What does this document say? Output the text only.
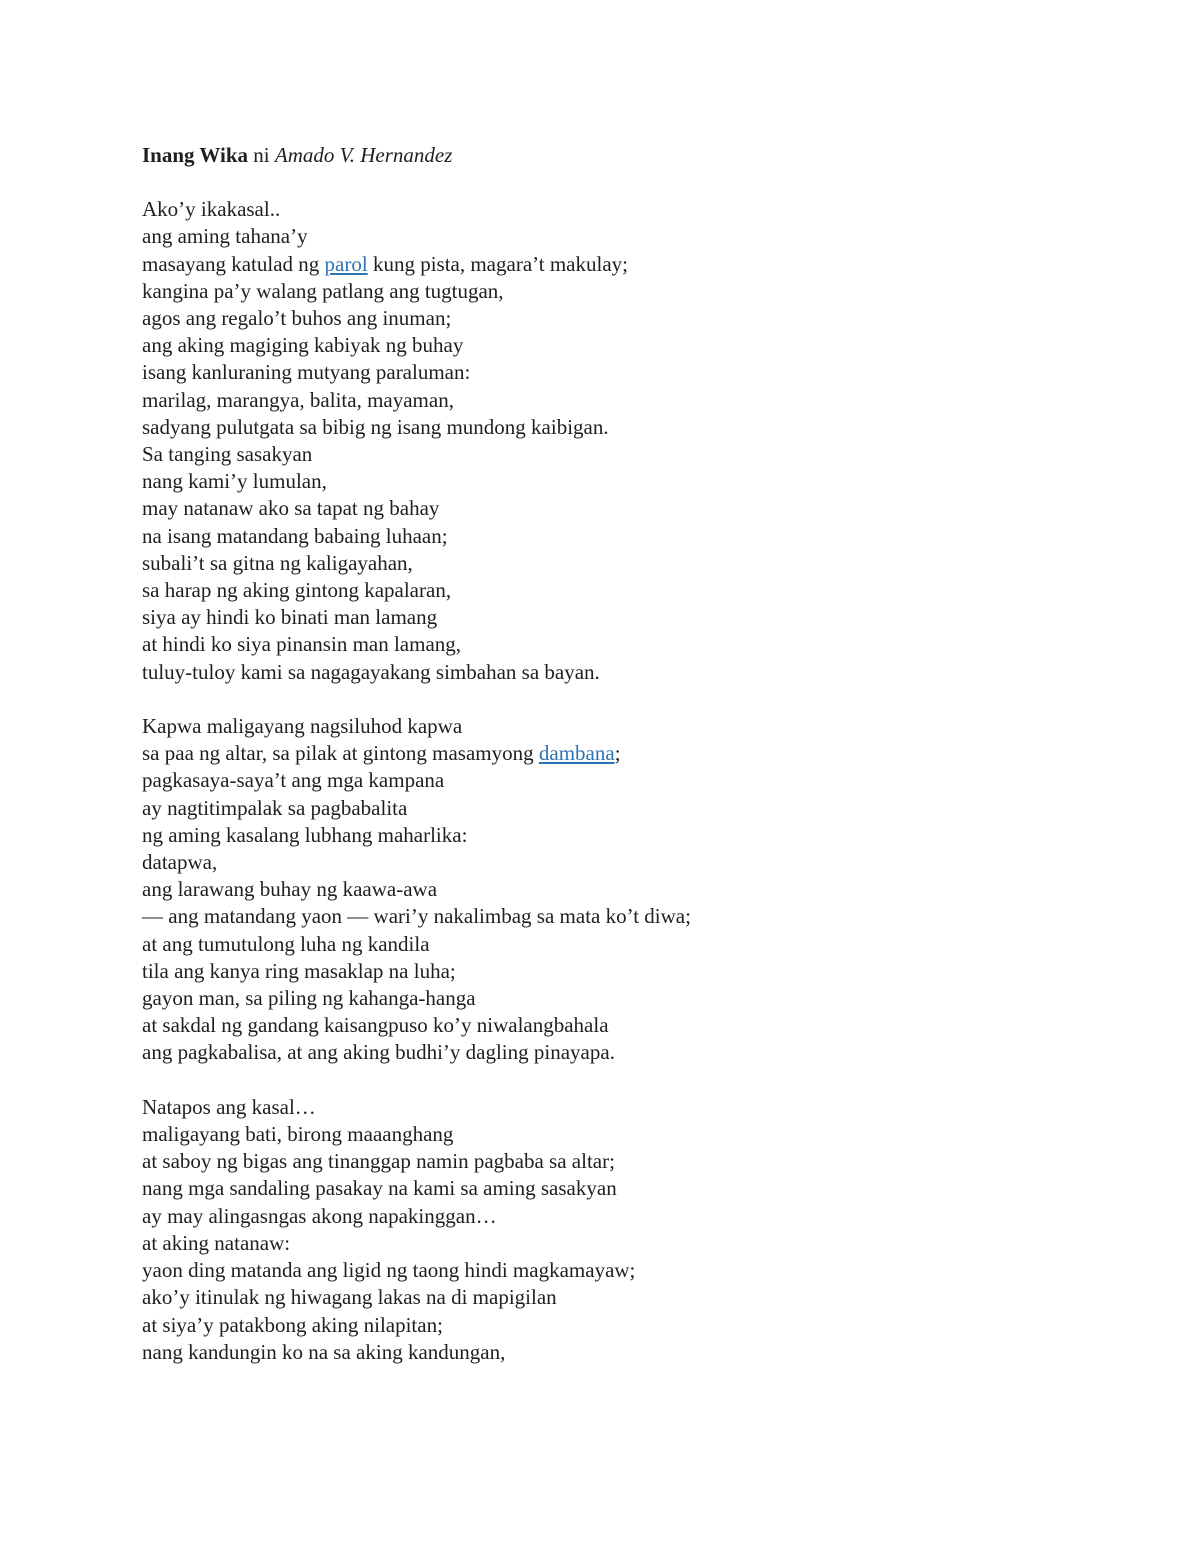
Inang Wika ni Amado V. Hernandez
Ako’y ikakasal..
ang aming tahana’y
masayang katulad ng parol kung pista, magara’t makulay;
kangina pa’y walang patlang ang tugtugan,
agos ang regalo’t buhos ang inuman;
ang aking magiging kabiyak ng buhay
isang kanluraning mutyang paraluman:
marilag, marangya, balita, mayaman,
sadyang pulutgata sa bibig ng isang mundong kaibigan.
Sa tanging sasakyan
nang kami’y lumulan,
may natanaw ako sa tapat ng bahay
na isang matandang babaing luhaan;
subali’t sa gitna ng kaligayahan,
sa harap ng aking gintong kapalaran,
siya ay hindi ko binati man lamang
at hindi ko siya pinansin man lamang,
tuluy-tuloy kami sa nagagayakang simbahan sa bayan.
Kapwa maligayang nagsiluhod kapwa
sa paa ng altar, sa pilak at gintong masamyong dambana;
pagkasaya-saya’t ang mga kampana
ay nagtitimpalak sa pagbabalita
ng aming kasalang lubhang maharlika:
datapwa,
ang larawang buhay ng kaawa-awa
— ang matandang yaon — wari’y nakalimbag sa mata ko’t diwa;
at ang tumutulong luha ng kandila
tila ang kanya ring masaklap na luha;
gayon man, sa piling ng kahanga-hanga
at sakdal ng gandang kaisangpuso ko’y niwalangbahala
ang pagkabalisa, at ang aking budhi’y dagling pinayapa.
Natapos ang kasal…
maligayang bati, birong maaanghang
at saboy ng bigas ang tinanggap namin pagbaba sa altar;
nang mga sandaling pasakay na kami sa aming sasakyan
ay may alingasngas akong napakinggan…
at aking natanaw:
yaon ding matanda ang ligid ng taong hindi magkamayaw;
ako’y itinulak ng hiwagang lakas na di mapigilan
at siya’y patakbong aking nilapitan;
nang kandungin ko na sa aking kandungan,
